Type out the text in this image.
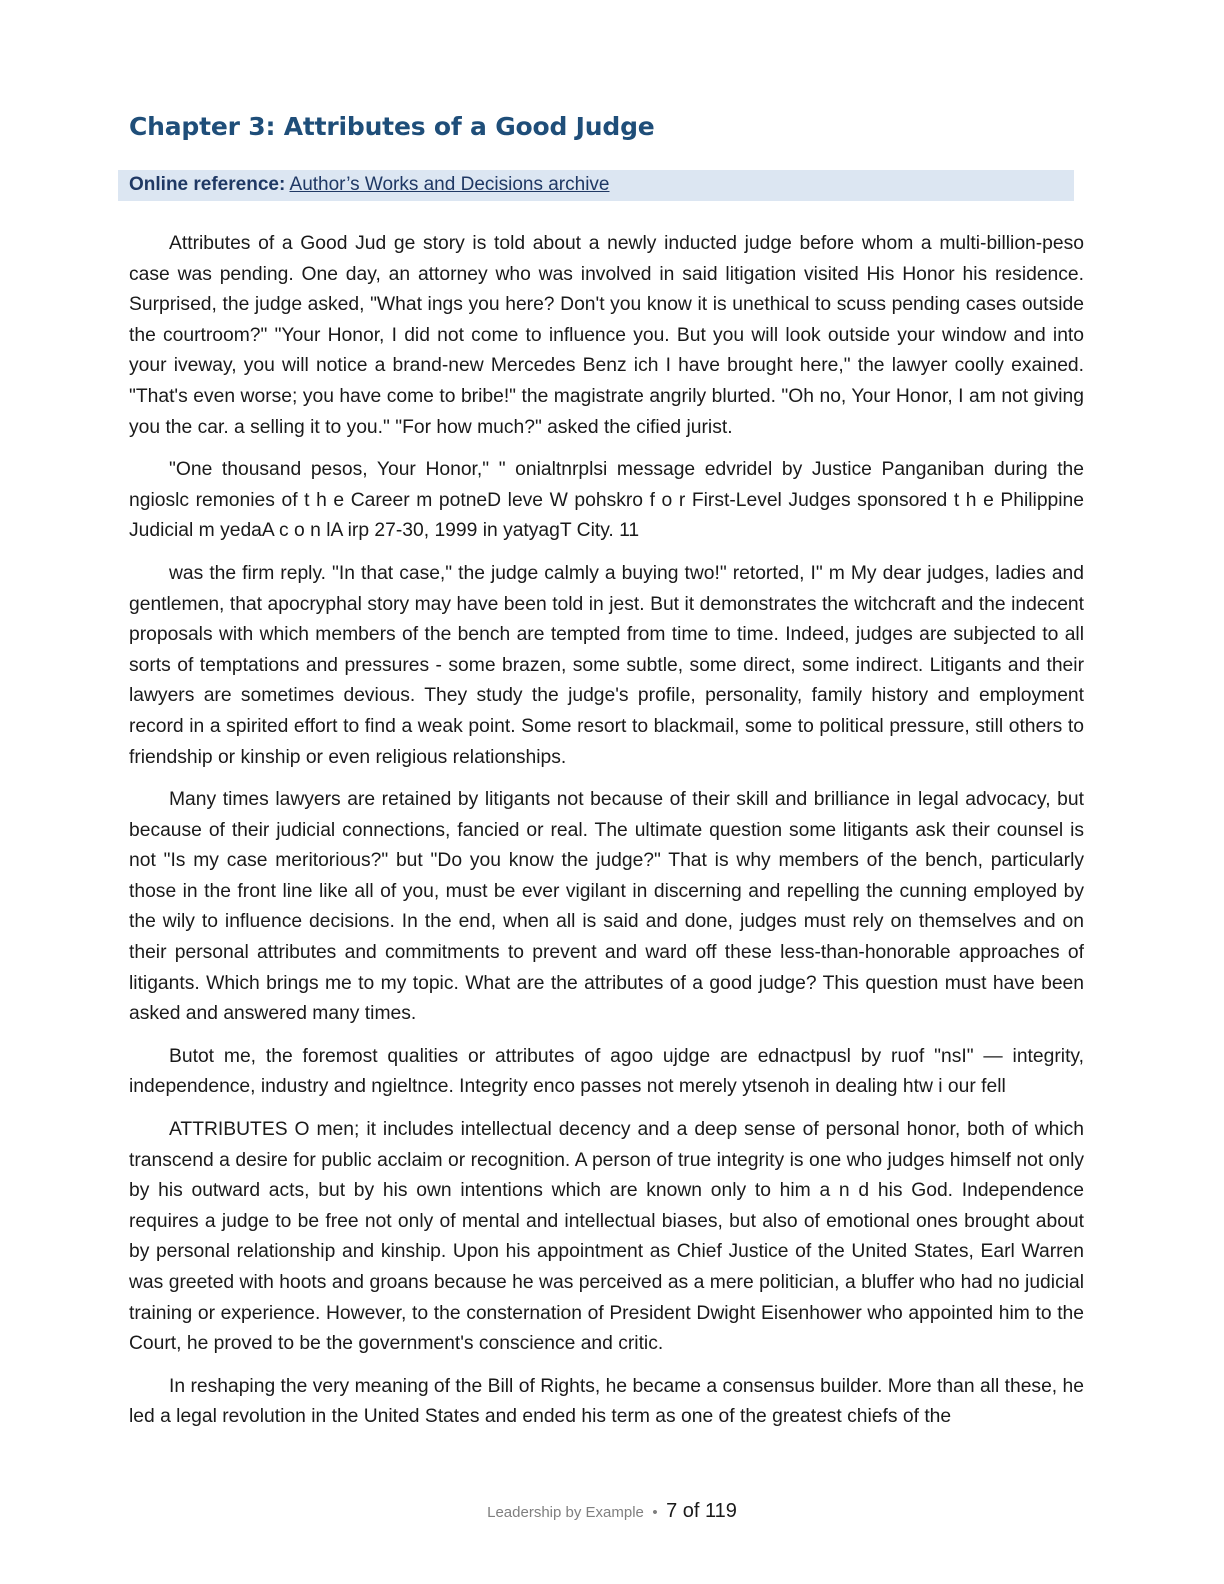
Chapter 3: Attributes of a Good Judge
Online reference: Author’s Works and Decisions archive

Attributes of a Good Jud ge story is told about a newly inducted judge before whom a multi-billion-peso case was pending. One day, an attorney who was involved in said litigation visited His Honor his residence. Surprised, the judge asked, "What ings you here? Don't you know it is unethical to scuss pending cases outside the courtroom?" "Your Honor, I did not come to influence you. But you will look outside your window and into your iveway, you will notice a brand-new Mercedes Benz ich I have brought here," the lawyer coolly exained. "That's even worse; you have come to bribe!" the magistrate angrily blurted. "Oh no, Your Honor, I am not giving you the car. a selling it to you." "For how much?" asked the cified jurist.

"One thousand pesos, Your Honor," " onialtnrplsi message edvridel by Justice Panganiban during the ngioslc remonies of t h e Career m potneD leve W pohskro f o r First-Level Judges sponsored t h e Philippine Judicial m yedaA c o n lA irp 27-30, 1999 in yatyagT City. 11

was the firm reply. "In that case," the judge calmly a buying two!" retorted, I" m My dear judges, ladies and gentlemen, that apocryphal story may have been told in jest. But it demonstrates the witchcraft and the indecent proposals with which members of the bench are tempted from time to time. Indeed, judges are subjected to all sorts of temptations and pressures - some brazen, some subtle, some direct, some indirect. Litigants and their lawyers are sometimes devious. They study the judge's profile, personality, family history and employment record in a spirited effort to find a weak point. Some resort to blackmail, some to political pressure, still others to friendship or kinship or even religious relationships.

Many times lawyers are retained by litigants not because of their skill and brilliance in legal advocacy, but because of their judicial connections, fancied or real. The ultimate question some litigants ask their counsel is not "Is my case meritorious?" but "Do you know the judge?" That is why members of the bench, particularly those in the front line like all of you, must be ever vigilant in discerning and repelling the cunning employed by the wily to influence decisions. In the end, when all is said and done, judges must rely on themselves and on their personal attributes and commitments to prevent and ward off these less-than-honorable approaches of litigants. Which brings me to my topic. What are the attributes of a good judge? This question must have been asked and answered many times.

Butot me, the foremost qualities or attributes of agoo ujdge are ednactpusl by ruof "nsI" — integrity, independence, industry and ngieltnce. Integrity enco passes not merely ytsenoh in dealing htw i our fell

ATTRIBUTES O men; it includes intellectual decency and a deep sense of personal honor, both of which transcend a desire for public acclaim or recognition. A person of true integrity is one who judges himself not only by his outward acts, but by his own intentions which are known only to him a n d his God. Independence requires a judge to be free not only of mental and intellectual biases, but also of emotional ones brought about by personal relationship and kinship. Upon his appointment as Chief Justice of the United States, Earl Warren was greeted with hoots and groans because he was perceived as a mere politician, a bluffer who had no judicial training or experience. However, to the consternation of President Dwight Eisenhower who appointed him to the Court, he proved to be the government's conscience and critic.

In reshaping the very meaning of the Bill of Rights, he became a consensus builder. More than all these, he led a legal revolution in the United States and ended his term as one of the greatest chiefs of the

Leadership by Example • 7 of 119
